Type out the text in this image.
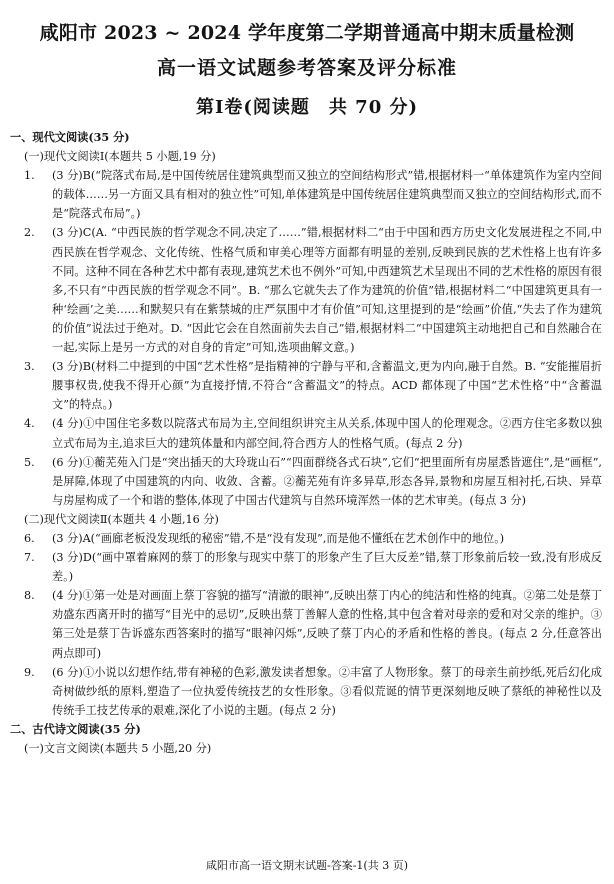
咸阳市 2023 ~ 2024 学年度第二学期普通高中期末质量检测
高一语文试题参考答案及评分标准
第Ⅰ卷(阅读题　共 70 分)

一、现代文阅读(35 分)

(一)现代文阅读Ⅰ(本题共 5 小题,19 分)

1. (3 分)B(“院落式布局,是中国传统居住建筑典型而又独立的空间结构形式”错,根据材料一“单体建筑作为室内空间的载体……另一方面又具有相对的独立性”可知,单体建筑是中国传统居住建筑典型而又独立的空间结构形式,而不是“院落式布局”。)

2. (3 分)C(A. “中西民族的哲学观念不同,决定了……”错,根据材料二“由于中国和西方历史文化发展进程之不同,中西民族在哲学观念、文化传统、性格气质和审美心理等方面都有明显的差别,反映到民族的艺术性格上也有许多不同。这种不同在各种艺术中都有表现,建筑艺术也不例外”可知,中西建筑艺术呈现出不同的艺术性格的原因有很多,不只有“中西民族的哲学观念不同”。B. “那么它就失去了作为建筑的价值”错,根据材料二“中国建筑更具有一种‘绘画’之美……和默契只有在紫禁城的庄严氛围中才有价值”可知,这里提到的是“绘画”价值,“失去了作为建筑的价值”说法过于绝对。D. “因此它会在自然面前失去自己”错,根据材料二“中国建筑主动地把自己和自然融合在一起,实际上是另一方式的对自身的肯定”可知,选项曲解文意。)

3. (3 分)B(材料二中提到的中国“艺术性格”是指精神的宁静与平和,含蓄温文,更为内向,融于自然。B. “安能摧眉折腰事权贵,使我不得开心颜”为直接抒情,不符合“含蓄温文”的特点。ACD 都体现了中国“艺术性格”中“含蓄温文”的特点。)

4. (4 分)①中国住宅多数以院落式布局为主,空间组织讲究主从关系,体现中国人的伦理观念。②西方住宅多数以独立式布局为主,追求巨大的建筑体量和内部空间,符合西方人的性格气质。(每点 2 分)

5. (6 分)①蘅芜苑入门是“突出插天的大玲珑山石”“四面群绕各式石块”,它们“把里面所有房屋悉皆遮住”,是“画框”,是屏障,体现了中国建筑的内向、收敛、含蓄。②蘅芜苑有许多异草,形态各异,景物和房屋互相衬托,石块、异草与房屋构成了一个和谐的整体,体现了中国古代建筑与自然环境浑然一体的艺术审美。(每点 3 分)

(二)现代文阅读Ⅱ(本题共 4 小题,16 分)

6. (3 分)A(“画廊老板没发现纸的秘密”错,不是“没有发现”,而是他不懂纸在艺术创作中的地位。)

7. (3 分)D(“画中罩着麻网的蔡丁的形象与现实中蔡丁的形象产生了巨大反差”错,蔡丁形象前后较一致,没有形成反差。)

8. (4 分)①第一处是对画面上蔡丁容貌的描写“清澈的眼神”,反映出蔡丁内心的纯洁和性格的纯真。②第二处是蔡丁劝盛东西离开时的描写“目光中的忌切”,反映出蔡丁善解人意的性格,其中包含着对母亲的爱和对父亲的维护。③第三处是蔡丁告诉盛东西答案时的描写“眼神闪烁”,反映了蔡丁内心的矛盾和性格的善良。(每点 2 分,任意答出两点即可)

9. (6 分)①小说以幻想作结,带有神秘的色彩,激发读者想象。②丰富了人物形象。蔡丁的母亲生前抄纸,死后幻化成奇树做纱纸的原料,塑造了一位执爱传统技艺的女性形象。③看似荒诞的情节更深刻地反映了蔡纸的神秘性以及传统手工技艺传承的艰难,深化了小说的主题。(每点 2 分)

二、古代诗文阅读(35 分)

(一)文言文阅读(本题共 5 小题,20 分)

咸阳市高一语文期末试题-答案-1(共 3 页)
